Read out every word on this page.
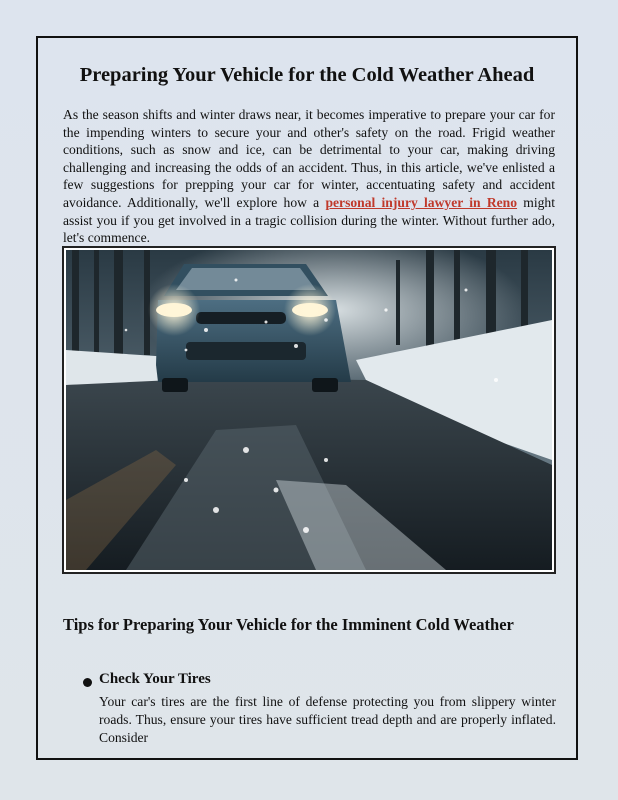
Preparing Your Vehicle for the Cold Weather Ahead

As the season shifts and winter draws near, it becomes imperative to prepare your car for the impending winters to secure your and other's safety on the road. Frigid weather conditions, such as snow and ice, can be detrimental to your car, making driving challenging and increasing the odds of an accident. Thus, in this article, we've enlisted a few suggestions for prepping your car for winter, accentuating safety and accident avoidance. Additionally, we'll explore how a personal injury lawyer in Reno might assist you if you get involved in a tragic collision during the winter. Without further ado, let's commence.

Tips for Preparing Your Vehicle for the Imminent Cold Weather
Check Your Tires

Your car's tires are the first line of defense protecting you from slippery winter roads. Thus, ensure your tires have sufficient tread depth and are properly inflated. Consider
